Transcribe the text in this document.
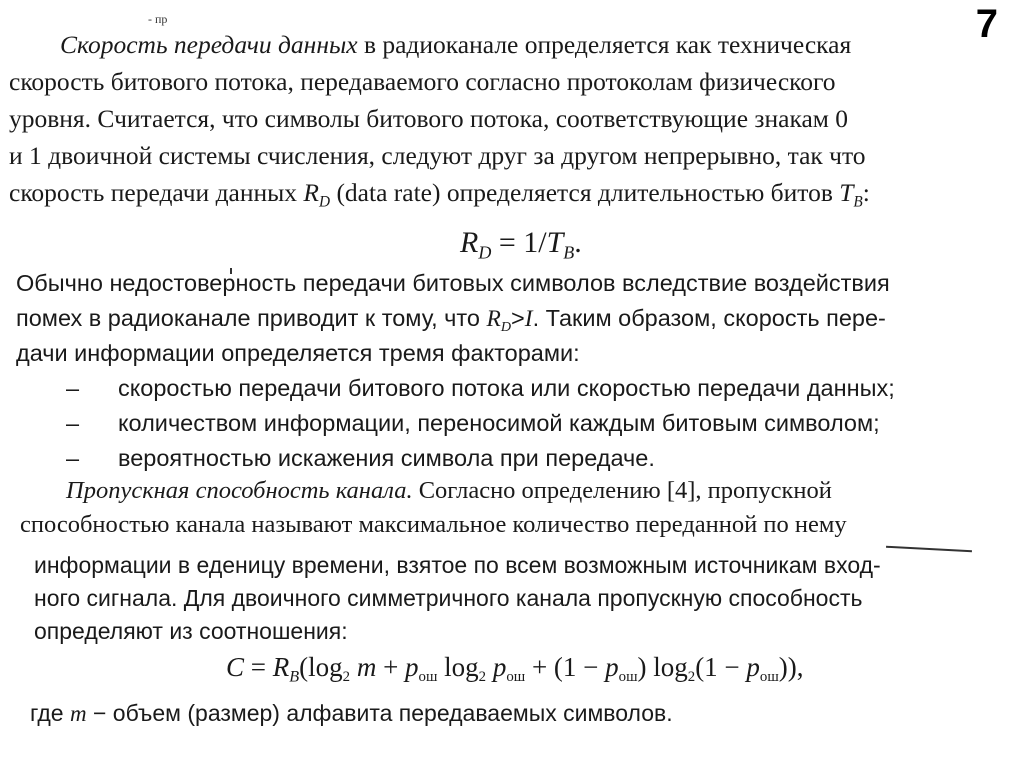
7
- пр
Скорость передачи данных в радиоканале определяется как техническая
скорость битового потока, передаваемого согласно протоколам физического
уровня. Считается, что символы битового потока, соответствующие знакам 0
и 1 двоичной системы счисления, следуют друг за другом непрерывно, так что
скорость передачи данных $R_D$ (data rate) определяется длительностью битов $T_B$:
$R_D = 1/T_B$.
Обычно недостоверность передачи битовых символов вследствие воздействия
помех в радиоканале приводит к тому, что $R_D>I$. Таким образом, скорость пере-
дачи информации определяется тремя факторами:
– скоростью передачи битового потока или скоростью передачи данных;
– количеством информации, переносимой каждым битовым символом;
– вероятностью искажения символа при передаче.
Пропускная способность канала. Согласно определению [4], пропускной
способностью канала называют максимальное количество переданной по нему
информации в еденицу времени, взятое по всем возможным источникам вход-
ного сигнала. Для двоичного симметричного канала пропускную способность
определяют из соотношения:
$C = R_B(\log 2$ m + pош log2 pош + (1 − pош) log2(1 − pош)),
где m − объем (размер) алфавита передаваемых символов.
